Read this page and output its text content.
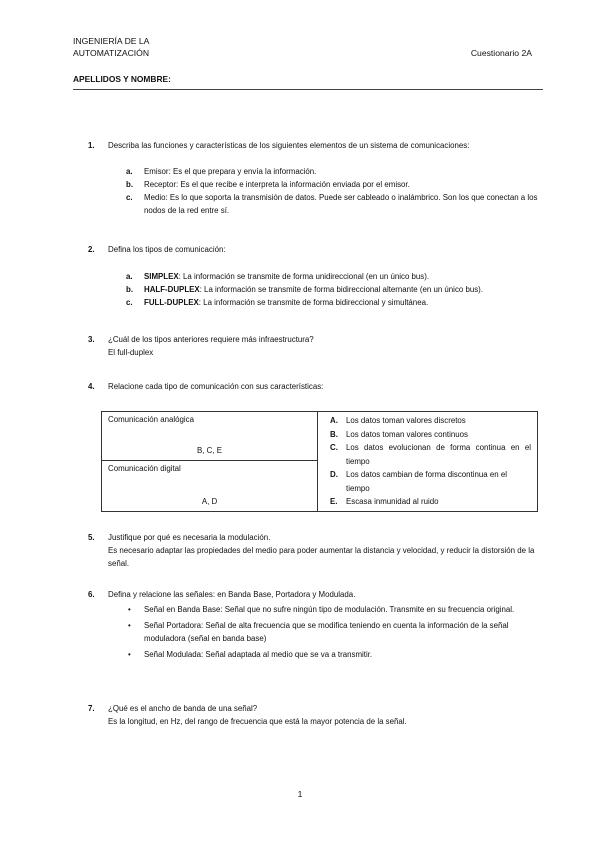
INGENIERÍA DE LA
AUTOMATIZACIÓN	Cuestionario 2A
APELLIDOS Y NOMBRE:
1. Describa las funciones y características de los siguientes elementos de un sistema de comunicaciones:
a. Emisor: Es el que prepara y envía la información.
b. Receptor: Es el que recibe e interpreta la información enviada por el emisor.
c. Medio: Es lo que soporta la transmisión de datos. Puede ser cableado o inalámbrico. Son los que conectan a los nodos de la red entre sí.
2. Defina los tipos de comunicación:
a. SIMPLEX: La información se transmite de forma unidireccional (en un único bus).
b. HALF-DUPLEX: La información se transmite de forma bidireccional alternante (en un único bus).
c. FULL-DUPLEX: La información se transmite de forma bidireccional y simultánea.
3. ¿Cuál de los tipos anteriores requiere más infraestructura?
El full-duplex
4. Relacione cada tipo de comunicación con sus características:
Comunicación analógica
B, C, E

A. Los datos toman valores discretos
B. Los datos toman valores continuos
C. Los datos evolucionan de forma continua en el tiempo
D. Los datos cambian de forma discontinua en el tiempo
E. Escasa inmunidad al ruido

Comunicación digital
A, D
5. Justifique por qué es necesaria la modulación.
Es necesario adaptar las propiedades del medio para poder aumentar la distancia y velocidad, y reducir la distorsión de la señal.
6. Defina y relacione las señales: en Banda Base, Portadora y Modulada.
• Señal en Banda Base: Señal que no sufre ningún tipo de modulación. Transmite en su frecuencia original.
• Señal Portadora: Señal de alta frecuencia que se modifica teniendo en cuenta la información de la señal moduladora (señal en banda base)
• Señal Modulada: Señal adaptada al medio que se va a transmitir.
7. ¿Qué es el ancho de banda de una señal?
Es la longitud, en Hz, del rango de frecuencia que está la mayor potencia de la señal.
1
